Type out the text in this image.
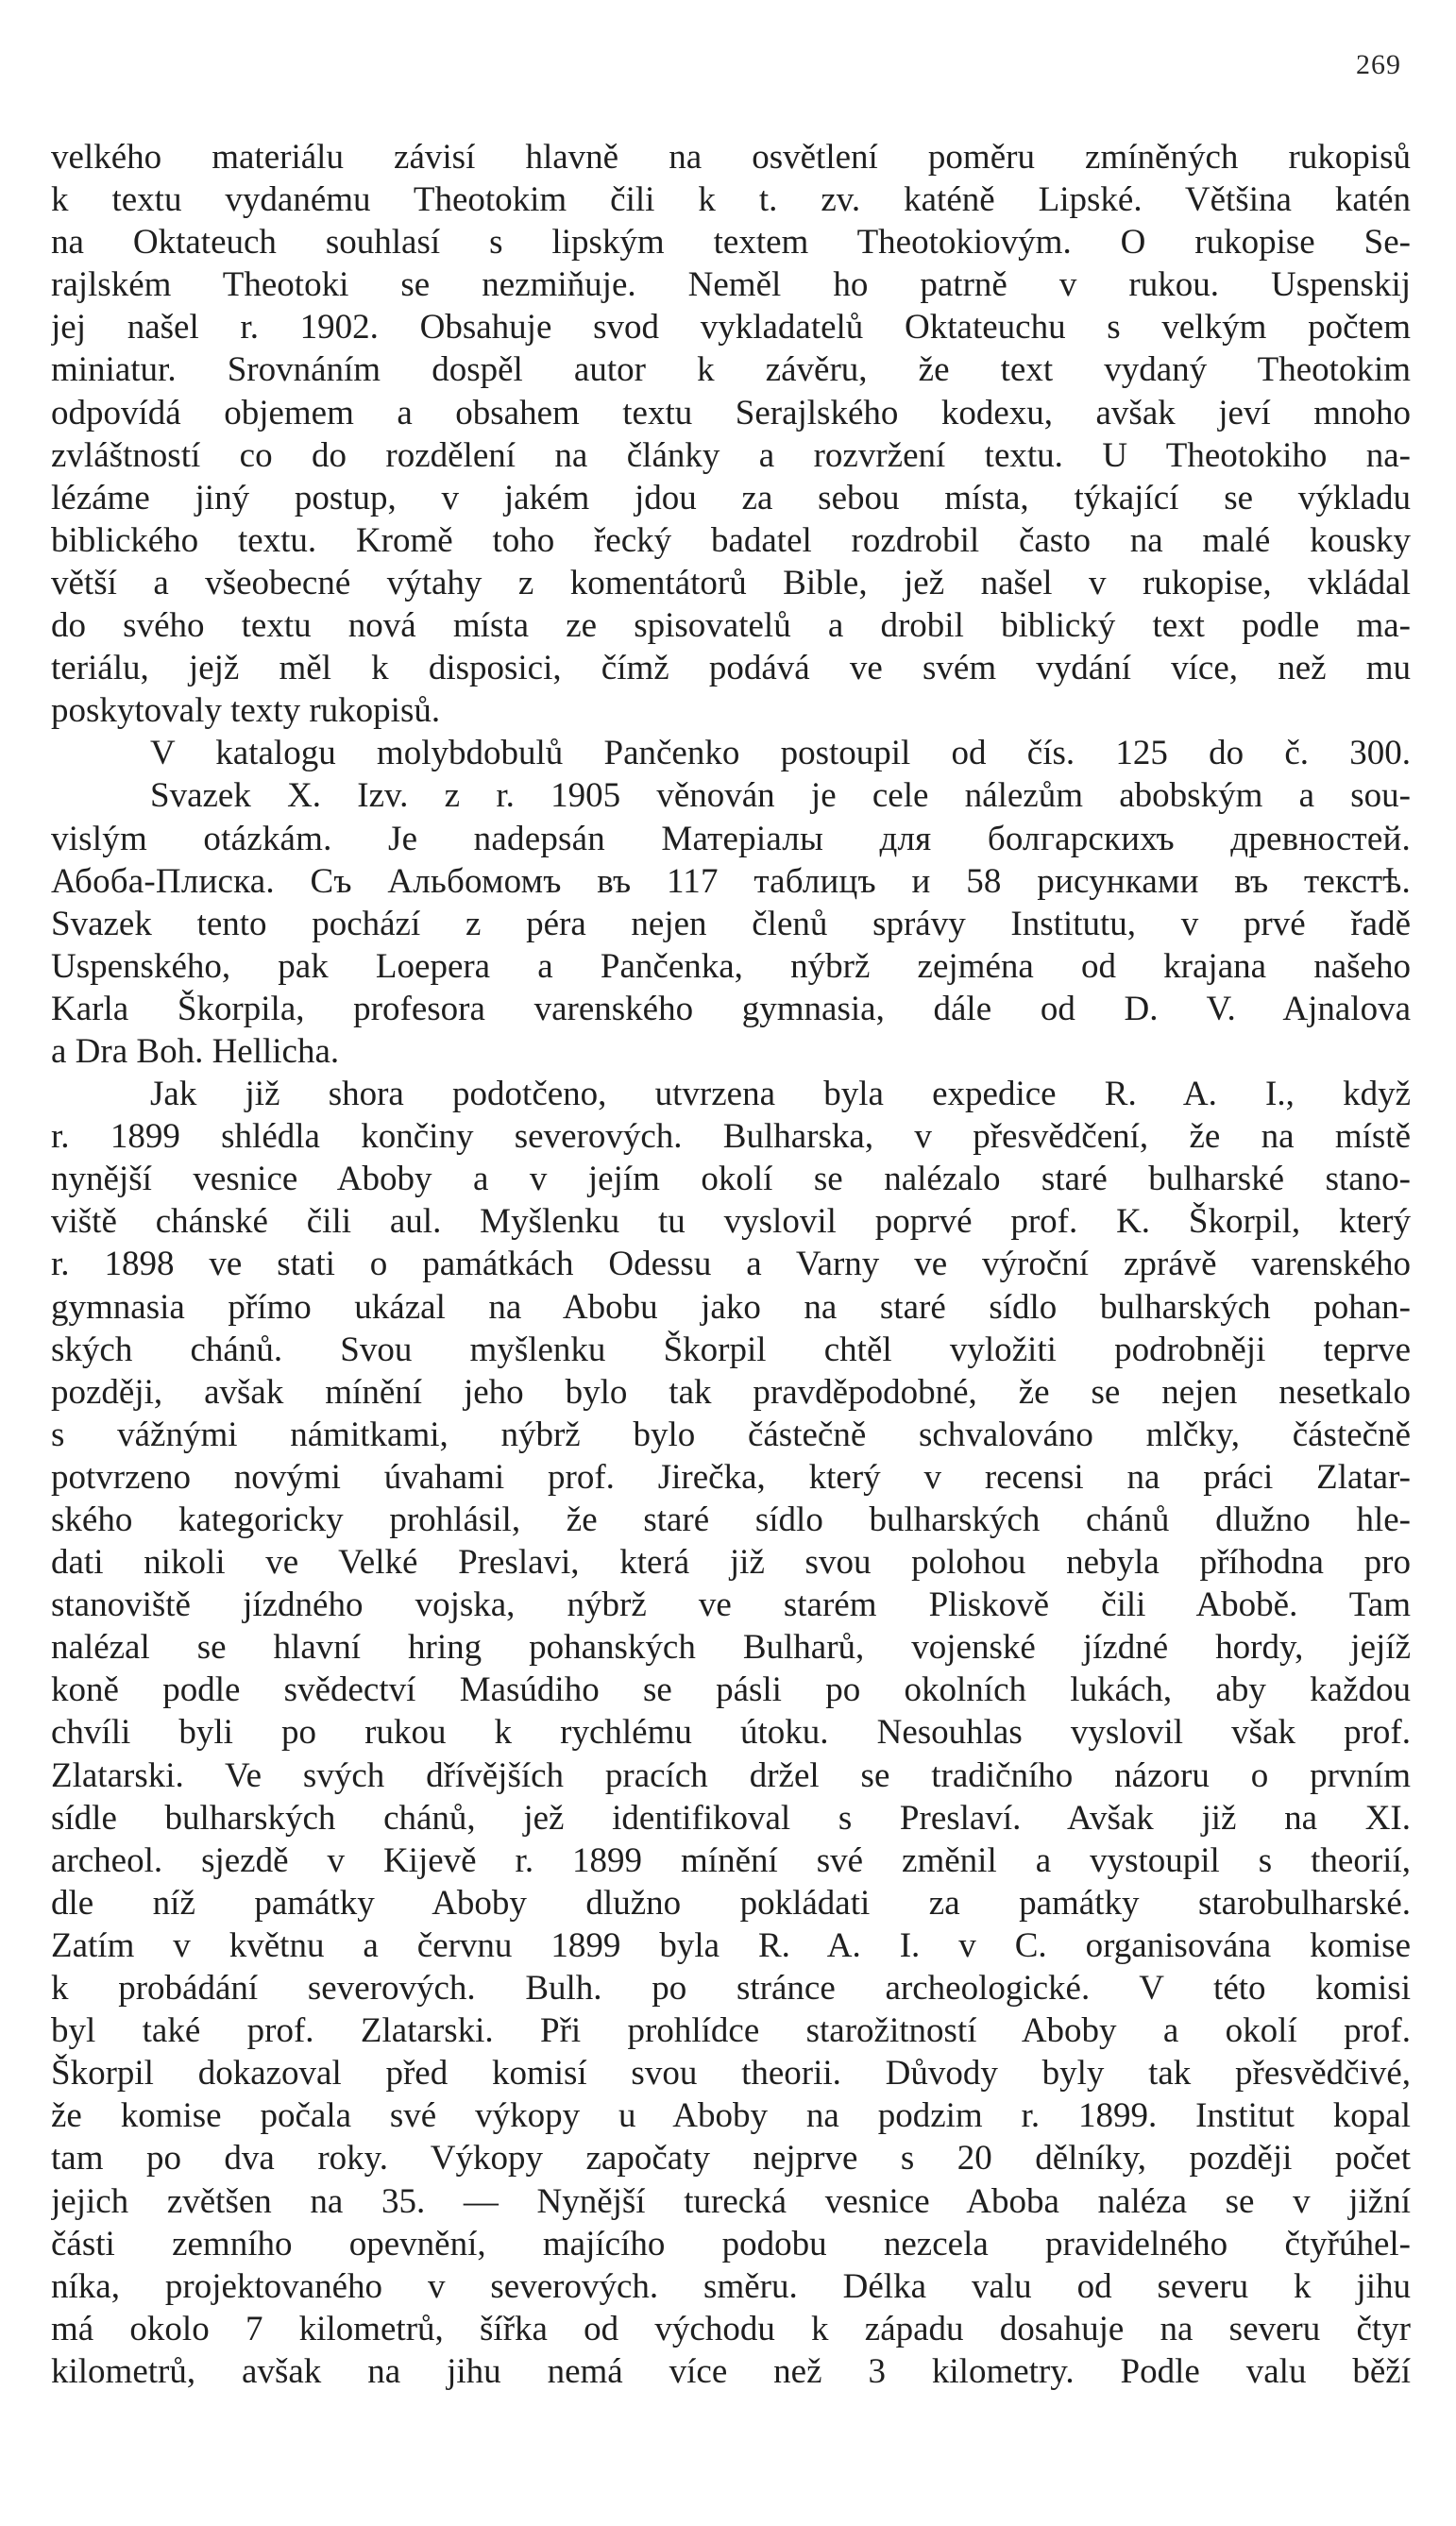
269
velkého materiálu závisí hlavně na osvětlení poměru zmíněných rukopisů
k textu vydanému Theotokim čili k t. zv. katéně Lipské. Většina katén
na Oktateuch souhlasí s lipským textem Theotokiovým. O rukopise Se-
rajlském Theotoki se nezmiňuje. Neměl ho patrně v rukou. Uspenskij
jej našel r. 1902. Obsahuje svod vykladatelů Oktateuchu s velkým počtem
miniatur. Srovnáním dospěl autor k závěru, že text vydaný Theotokim
odpovídá objemem a obsahem textu Serajlského kodexu, avšak jeví mnoho
zvláštností co do rozdělení na články a rozvržení textu. U Theotokiho na-
lézáme jiný postup, v jakém jdou za sebou místa, týkající se výkladu
biblického textu. Kromě toho řecký badatel rozdrobil často na malé kousky
větší a všeobecné výtahy z komentátorů Bible, jež našel v rukopise, vkládal
do svého textu nová místa ze spisovatelů a drobil biblický text podle ma-
teriálu, jejž měl k disposici, čímž podává ve svém vydání více, než mu
poskytovaly texty rukopisů.
V katalogu molybdobulů Pančenko postoupil od čís. 125 do č. 300.
Svazek X. Izv. z r. 1905 věnován je cele nálezům abobským a sou-
vislým otázkám. Je nadepsán Матеріалы для болгарскихъ древностей.
Абоба-Плиска. Съ Альбомомъ въ 117 таблицъ и 58 рисунками въ текстѣ.
Svazek tento pochází z péra nejen členů správy Institutu, v prvé řadě
Uspenského, pak Loepera a Pančenka, nýbrž zejména od krajana našeho
Karla Škorpila, profesora varenského gymnasia, dále od D. V. Ajnalova
a Dra Boh. Hellicha.
Jak již shora podotčeno, utvrzena byla expedice R. A. I., když
r. 1899 shlédla končiny severových. Bulharska, v přesvědčení, že na místě
nynější vesnice Aboby a v jejím okolí se nalézalo staré bulharské stano-
viště chánské čili aul. Myšlenku tu vyslovil poprvé prof. K. Škorpil, který
r. 1898 ve stati o památkách Odessu a Varny ve výroční zprávě varenského
gymnasia přímo ukázal na Abobu jako na staré sídlo bulharských pohan-
ských chánů. Svou myšlenku Škorpil chtěl vyložiti podrobněji teprve
později, avšak mínění jeho bylo tak pravděpodobné, že se nejen nesetkalo
s vážnými námitkami, nýbrž bylo částečně schvalováno mlčky, částečně
potvrzeno novými úvahami prof. Jirečka, který v recensi na práci Zlatar-
ského kategoricky prohlásil, že staré sídlo bulharských chánů dlužno hle-
dati nikoli ve Velké Preslavi, která již svou polohou nebyla příhodna pro
stanoviště jízdného vojska, nýbrž ve starém Pliskově čili Abobě. Tam
nalézal se hlavní hring pohanských Bulharů, vojenské jízdné hordy, jejíž
koně podle svědectví Masúdiho se pásli po okolních lukách, aby každou
chvíli byli po rukou k rychlému útoku. Nesouhlas vyslovil však prof.
Zlatarski. Ve svých dřívějších pracích držel se tradičního názoru o prvním
sídle bulharských chánů, jež identifikoval s Preslaví. Avšak již na XI.
archeol. sjezdě v Kijevě r. 1899 mínění své změnil a vystoupil s theorií,
dle níž památky Aboby dlužno pokládati za památky starobulharské.
Zatím v květnu a červnu 1899 byla R. A. I. v C. organisována komise
k probádání severových. Bulh. po stránce archeologické. V této komisi
byl také prof. Zlatarski. Při prohlídce starožitností Aboby a okolí prof.
Škorpil dokazoval před komisí svou theorii. Důvody byly tak přesvědčivé,
že komise počala své výkopy u Aboby na podzim r. 1899. Institut kopal
tam po dva roky. Výkopy započaty nejprve s 20 dělníky, později počet
jejich zvětšen na 35. — Nynější turecká vesnice Aboba naléza se v jižní
části zemního opevnění, majícího podobu nezcela pravidelného čtyřúhel-
níka, projektovaného v severových. směru. Délka valu od severu k jihu
má okolo 7 kilometrů, šířka od východu k západu dosahuje na severu čtyr
kilometrů, avšak na jihu nemá více než 3 kilometry. Podle valu běží
